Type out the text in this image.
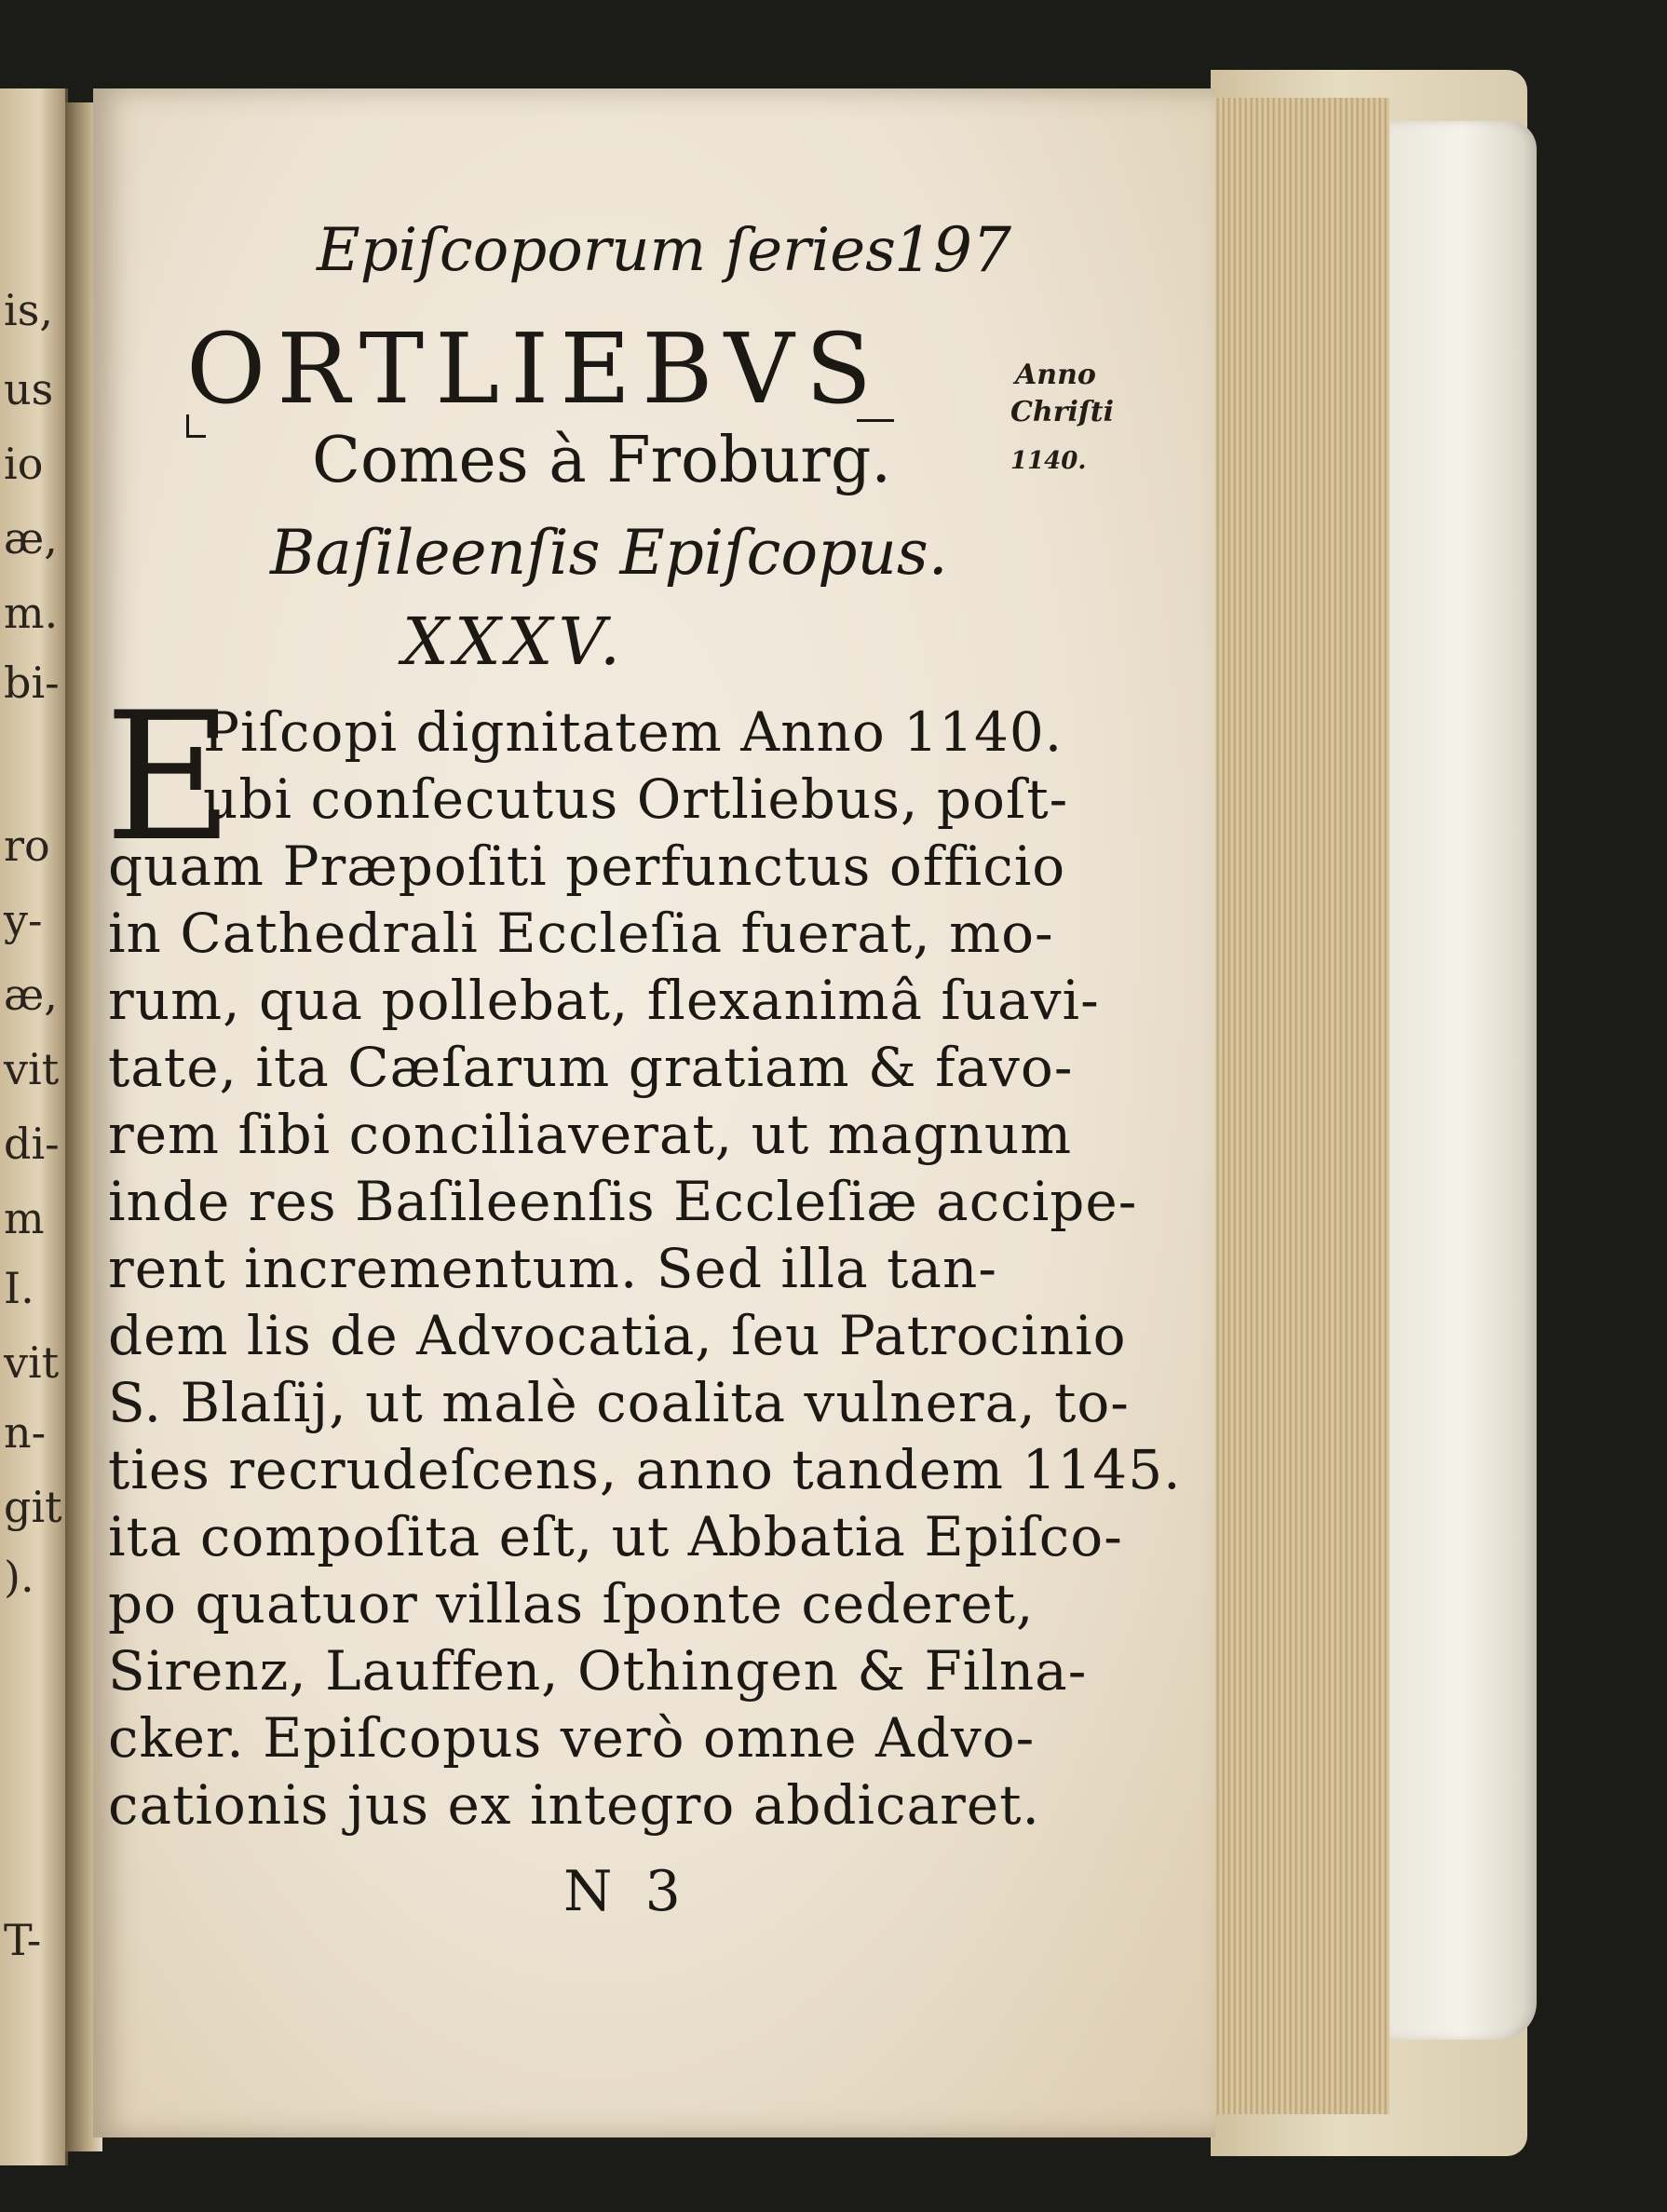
is,
us
io
æ,
m.
bi-
ro
y-
æ,
vit
di-
m
I.
vit
n-
git
).
T-
Epiſcoporum ſeries
197
ORTLIEBVS
Comes à Froburg.
Baſileenſis Epiſcopus.
XXXV.
Anno
Chriſti
1140.
E
Piſcopi dignitatem Anno 1140.
ubi conſecutus Ortliebus, poſt-
quam Præpoſiti perfunctus officio
in Cathedrali Eccleſia fuerat, mo-
rum, qua pollebat, flexanimâ ſuavi-
tate, ita Cæſarum gratiam & favo-
rem ſibi conciliaverat, ut magnum
inde res Baſileenſis Eccleſiæ accipe-
rent incrementum. Sed illa tan-
dem lis de Advocatia, ſeu Patrocinio
S. Blaſij, ut malè coalita vulnera, to-
ties recrudeſcens, anno tandem 1145.
ita compoſita eſt, ut Abbatia Epiſco-
po quatuor villas ſponte cederet,
Sirenz, Lauffen, Othingen & Filna-
cker. Epiſcopus verò omne Advo-
cationis jus ex integro abdicaret.
N 3
